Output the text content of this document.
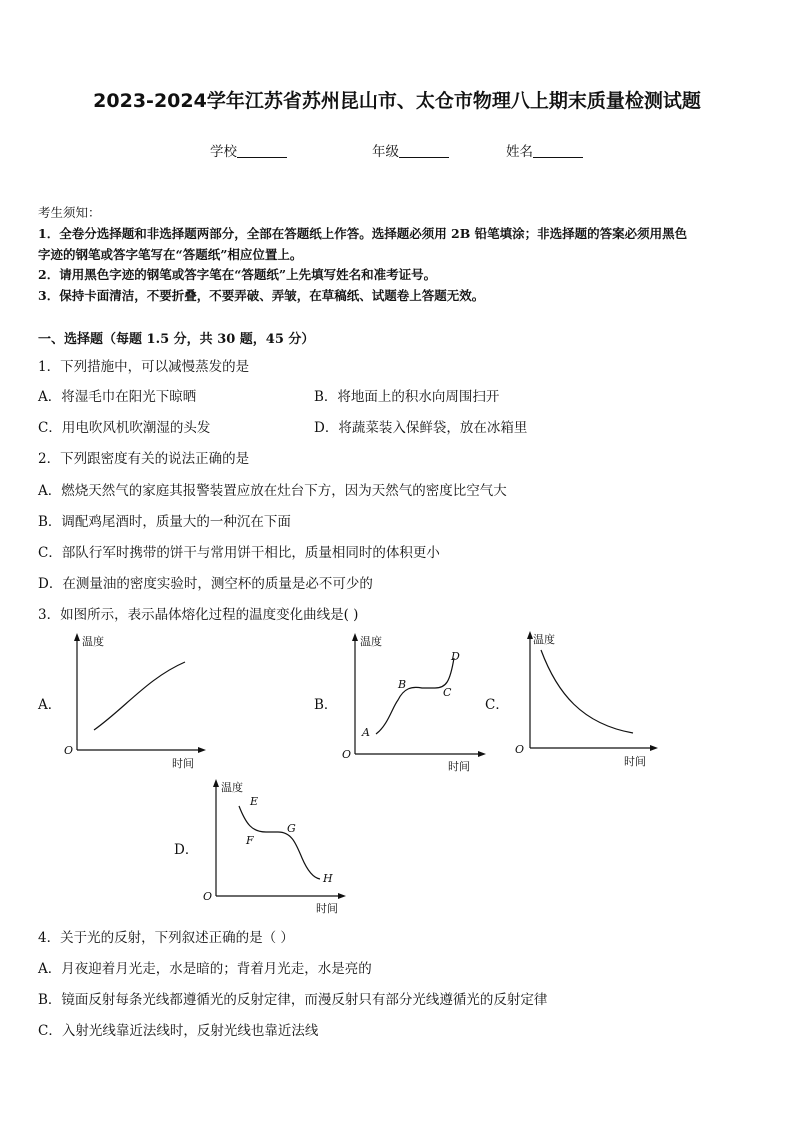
2023-2024学年江苏省苏州昆山市、太仓市物理八上期末质量检测试题
学校	年级	姓名
考生须知：
1．全卷分选择题和非选择题两部分，全部在答题纸上作答。选择题必须用 2B 铅笔填涂；非选择题的答案必须用黑色
字迹的钢笔或答字笔写在“答题纸”相应位置上。
2．请用黑色字迹的钢笔或答字笔在“答题纸”上先填写姓名和准考证号。
3．保持卡面清洁，不要折叠，不要弄破、弄皱，在草稿纸、试题卷上答题无效。
一、选择题（每题 1.5 分，共 30 题，45 分）
1．下列措施中，可以减慢蒸发的是
A．将湿毛巾在阳光下晾晒	B．将地面上的积水向周围扫开
C．用电吹风机吹潮湿的头发	D．将蔬菜装入保鲜袋，放在冰箱里
2．下列跟密度有关的说法正确的是
A．燃烧天然气的家庭其报警装置应放在灶台下方，因为天然气的密度比空气大
B．调配鸡尾酒时，质量大的一种沉在下面
C．部队行军时携带的饼干与常用饼干相比，质量相同时的体积更小
D．在测量油的密度实验时，测空杯的质量是必不可少的
3．如图所示，表示晶体熔化过程的温度变化曲线是( )
A．
温度
时间
O
B．
温度
时间
O
A
B
C
D
C．
温度
时间
O
D．
温度
时间
O
E
F
G
H
4．关于光的反射，下列叙述正确的是（ ）
A．月夜迎着月光走，水是暗的；背着月光走，水是亮的
B．镜面反射每条光线都遵循光的反射定律，而漫反射只有部分光线遵循光的反射定律
C．入射光线靠近法线时，反射光线也靠近法线
